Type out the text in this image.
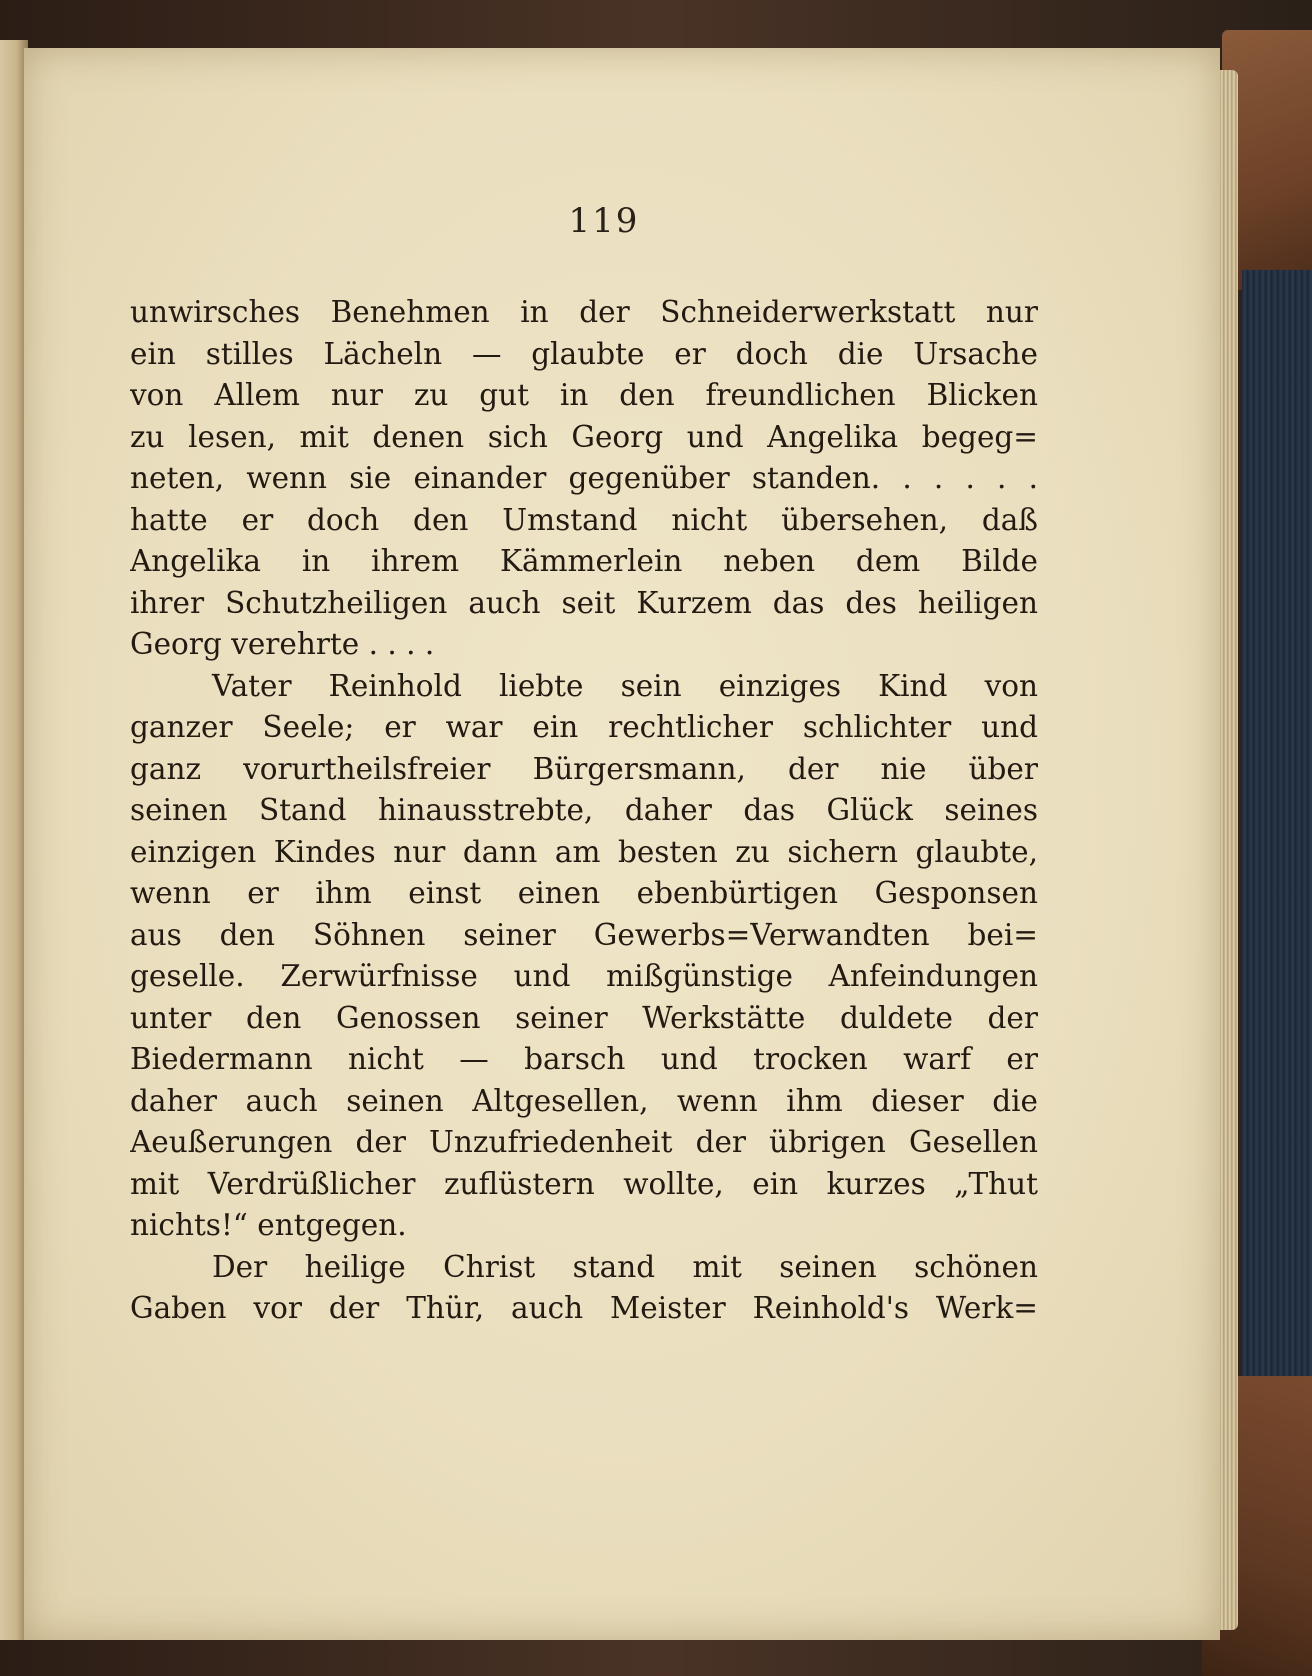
119
unwirsches Benehmen in der Schneiderwerkstatt nur
ein stilles Lächeln — glaubte er doch die Ursache
von Allem nur zu gut in den freundlichen Blicken
zu lesen, mit denen sich Georg und Angelika begeg=
neten, wenn sie einander gegenüber standen. . . . . .
hatte er doch den Umstand nicht übersehen, daß
Angelika in ihrem Kämmerlein neben dem Bilde
ihrer Schutzheiligen auch seit Kurzem das des heiligen
Georg verehrte . . . .
Vater Reinhold liebte sein einziges Kind von
ganzer Seele; er war ein rechtlicher schlichter und
ganz vorurtheilsfreier Bürgersmann, der nie über
seinen Stand hinausstrebte, daher das Glück seines
einzigen Kindes nur dann am besten zu sichern glaubte,
wenn er ihm einst einen ebenbürtigen Gesponsen
aus den Söhnen seiner Gewerbs=Verwandten bei=
geselle. Zerwürfnisse und mißgünstige Anfeindungen
unter den Genossen seiner Werkstätte duldete der
Biedermann nicht — barsch und trocken warf er
daher auch seinen Altgesellen, wenn ihm dieser die
Aeußerungen der Unzufriedenheit der übrigen Gesellen
mit Verdrüßlicher zuflüstern wollte, ein kurzes „Thut
nichts!“ entgegen.
Der heilige Christ stand mit seinen schönen
Gaben vor der Thür, auch Meister Reinhold's Werk=
